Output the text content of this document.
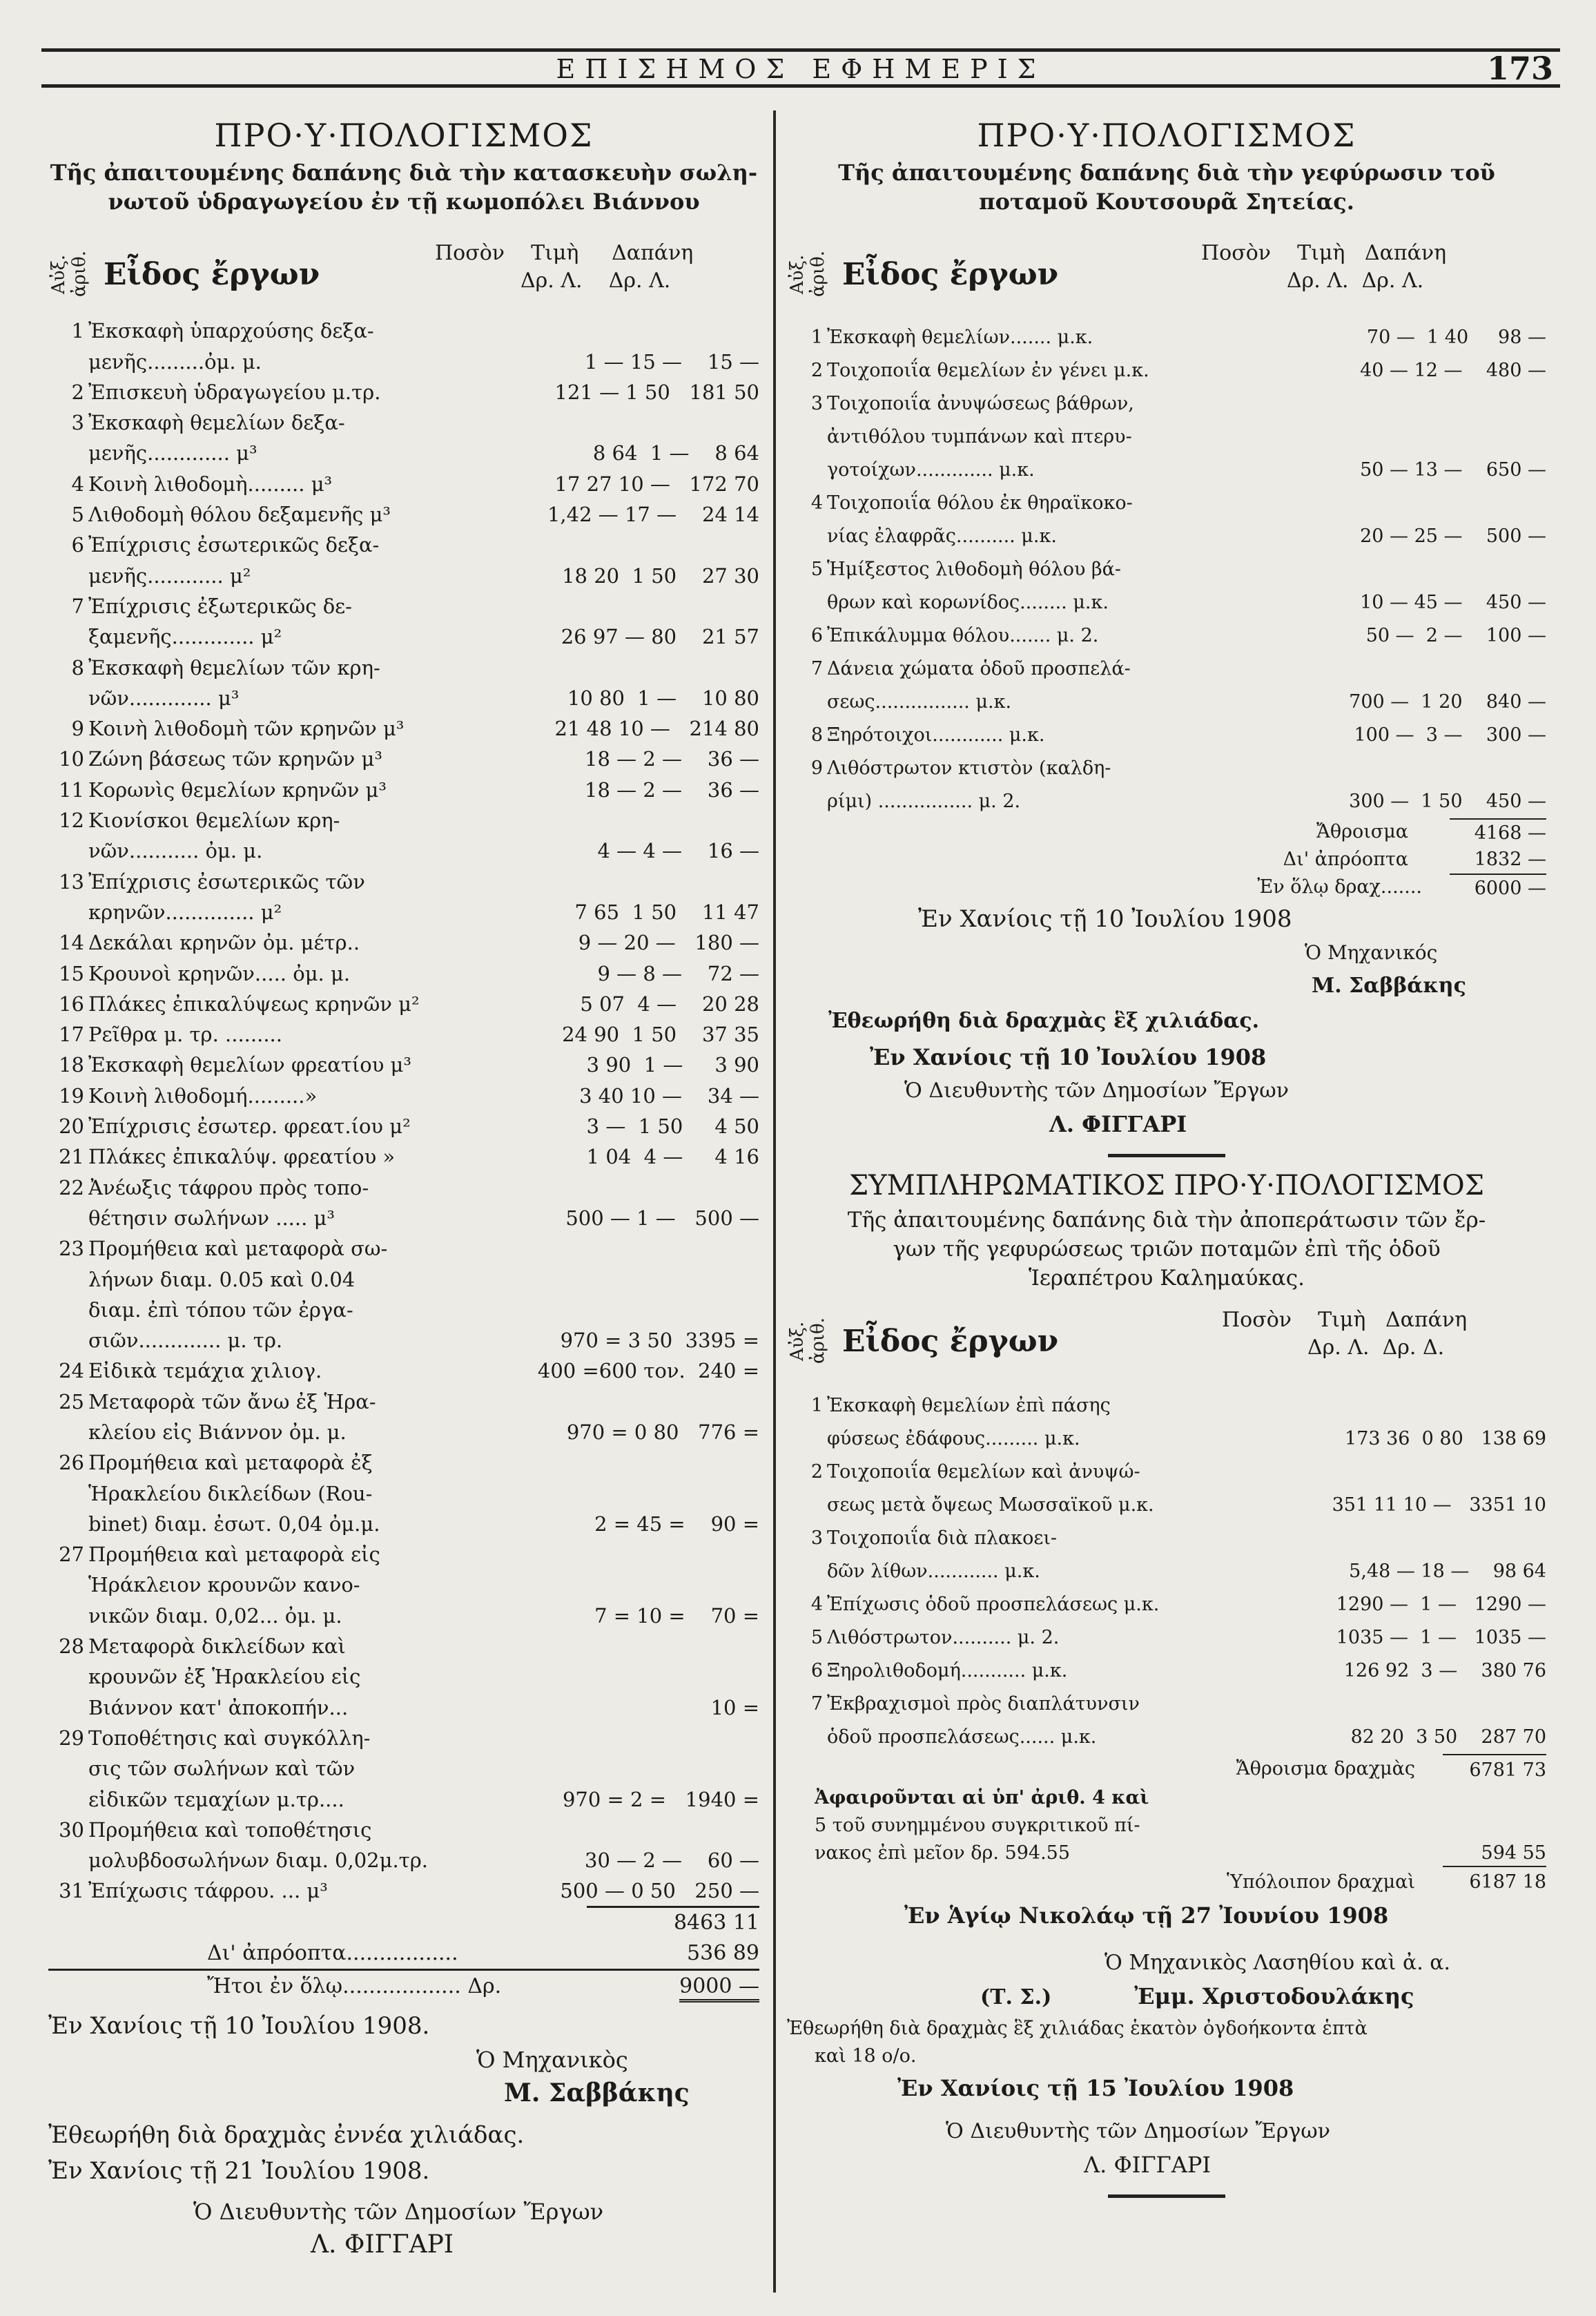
ΕΠΙΣΗΜΟΣ ΕΦΗΜΕΡΙΣ	173
ΠΡΟ·Υ·ΠΟΛΟΓΙΣΜΟΣ
Τῆς ἀπαιτουμένης δαπάνης διὰ τὴν κατασκευὴν σωλη-
νωτοῦ ὑδραγωγείου ἐν τῇ κωμοπόλει Βιάννου
Αὐξ. ἀριθ. Εἶδος ἔργων
Ποσὸν    Τιμὴ     Δαπάνη
Δρ. Λ.    Δρ. Λ.
1 Ἐκσκαφὴ ὑπαρχούσης δεξα-
μενῆς.........ὀμ. μ.	1 — 15 —    15 —
2 Ἐπισκευὴ ὑδραγωγείου μ.τρ.	121 — 1 50   181 50
3 Ἐκσκαφὴ θεμελίων δεξα-
μενῆς............. μ³	8 64  1 —    8 64
4 Κοινὴ λιθοδομὴ......... μ³	17 27 10 —   172 70
5 Λιθοδομὴ θόλου δεξαμενῆς μ³	1,42 — 17 —    24 14
6 Ἐπίχρισις ἐσωτερικῶς δεξα-
μενῆς............ μ²	18 20  1 50    27 30
7 Ἐπίχρισις ἐξωτερικῶς δε-
ξαμενῆς............. μ²	26 97 — 80    21 57
8 Ἐκσκαφὴ θεμελίων τῶν κρη-
νῶν............. μ³	10 80  1 —    10 80
9 Κοινὴ λιθοδομὴ τῶν κρηνῶν μ³	21 48 10 —   214 80
10 Ζώνη βάσεως τῶν κρηνῶν μ³	18 — 2 —    36 —
11 Κορωνὶς θεμελίων κρηνῶν μ³	18 — 2 —    36 —
12 Κιονίσκοι θεμελίων κρη-
νῶν........... ὀμ. μ.	4 — 4 —    16 —
13 Ἐπίχρισις ἐσωτερικῶς τῶν
κρηνῶν.............. μ²	7 65  1 50    11 47
14 Δεκάλαι κρηνῶν ὀμ. μέτρ..	9 — 20 —   180 —
15 Κρουνοὶ κρηνῶν..... ὀμ. μ.	9 — 8 —    72 —
16 Πλάκες ἐπικαλύψεως κρηνῶν μ²	5 07  4 —    20 28
17 Ρεῖθρα μ. τρ. .........	24 90  1 50    37 35
18 Ἐκσκαφὴ θεμελίων φρεατίου μ³	3 90  1 —     3 90
19 Κοινὴ λιθοδομή.........»	3 40 10 —    34 —
20 Ἐπίχρισις ἐσωτερ. φρεατ.ίου μ²	3 —  1 50     4 50
21 Πλάκες ἐπικαλύψ. φρεατίου »	1 04  4 —     4 16
22 Ἀνέωξις τάφρου πρὸς τοπο-
θέτησιν σωλήνων ..... μ³	500 — 1 —   500 —
23 Προμήθεια καὶ μεταφορὰ σω-
λήνων διαμ. 0.05 καὶ 0.04
διαμ. ἐπὶ τόπου τῶν ἐργα-
σιῶν............. μ. τρ.	970 = 3 50  3395 =
24 Εἰδικὰ τεμάχια χιλιογ.	400 =600 τον.  240 =
25 Μεταφορὰ τῶν ἄνω ἐξ Ἡρα-
κλείου εἰς Βιάννον ὀμ. μ.	970 = 0 80   776 =
26 Προμήθεια καὶ μεταφορὰ ἐξ
Ἡρακλείου δικλείδων (Rou-
binet) διαμ. ἐσωτ. 0,04 ὀμ.μ.	2 = 45 =    90 =
27 Προμήθεια καὶ μεταφορὰ εἰς
Ἡράκλειον κρουνῶν κανο-
νικῶν διαμ. 0,02... ὀμ. μ.	7 = 10 =    70 =
28 Μεταφορὰ δικλείδων καὶ
κρουνῶν ἐξ Ἡρακλείου εἰς
Βιάννον κατ' ἀποκοπήν...	10 =
29 Τοποθέτησις καὶ συγκόλλη-
σις τῶν σωλήνων καὶ τῶν
εἰδικῶν τεμαχίων μ.τρ....	970 = 2 =   1940 =
30 Προμήθεια καὶ τοποθέτησις
μολυβδοσωλήνων διαμ. 0,02μ.τρ.	30 — 2 —    60 —
31 Ἐπίχωσις τάφρου. ... μ³	500 — 0 50   250 —
8463 11
Δι' ἀπρόοπτα.................	536 89
Ἤτοι ἐν ὅλῳ.................. Δρ.	9000 —
Ἐν Χανίοις τῇ 10 Ἰουλίου 1908.
Ὁ Μηχανικὸς
Μ. Σαββάκης
Ἐθεωρήθη διὰ δραχμὰς ἐννέα χιλιάδας.
Ἐν Χανίοις τῇ 21 Ἰουλίου 1908.
Ὁ Διευθυντὴς τῶν Δημοσίων Ἔργων
Λ. ΦΙΓΓΑΡΙ
ΠΡΟ·Υ·ΠΟΛΟΓΙΣΜΟΣ
Τῆς ἀπαιτουμένης δαπάνης διὰ τὴν γεφύρωσιν τοῦ
ποταμοῦ Κουτσουρᾶ Σητείας.
Αὐξ. ἀριθ. Εἶδος ἔργων
Ποσὸν    Τιμὴ   Δαπάνη
Δρ. Λ.  Δρ. Λ.
1 Ἐκσκαφὴ θεμελίων....... μ.κ.	70 —  1 40     98 —
2 Τοιχοποιΐα θεμελίων ἐν γένει μ.κ.	40 — 12 —    480 —
3 Τοιχοποιΐα ἀνυψώσεως βάθρων,
ἀντιθόλου τυμπάνων καὶ πτερυ-
γοτοίχων............. μ.κ.	50 — 13 —    650 —
4 Τοιχοποιΐα θόλου ἐκ θηραϊκοκο-
νίας ἐλαφρᾶς.......... μ.κ.	20 — 25 —    500 —
5 Ἡμίξεστος λιθοδομὴ θόλου βά-
θρων καὶ κορωνίδος........ μ.κ.	10 — 45 —    450 —
6 Ἐπικάλυμμα θόλου....... μ. 2.	50 —  2 —    100 —
7 Δάνεια χώματα ὁδοῦ προσπελά-
σεως................ μ.κ.	700 —  1 20    840 —
8 Ξηρότοιχοι............ μ.κ.	100 —  3 —    300 —
9 Λιθόστρωτον κτιστὸν (καλδη-
ρίμι) ................ μ. 2.	300 —  1 50    450 —
Ἄθροισμα	4168 —
Δι' ἀπρόοπτα	1832 —
Ἐν ὅλῳ δραχ.......	6000 —
Ἐν Χανίοις τῇ 10 Ἰουλίου 1908
Ὁ Μηχανικός
Μ. Σαββάκης
Ἐθεωρήθη διὰ δραχμὰς ἓξ χιλιάδας.
Ἐν Χανίοις τῇ 10 Ἰουλίου 1908
Ὁ Διευθυντὴς τῶν Δημοσίων Ἔργων
Λ. ΦΙΓΓΑΡΙ
ΣΥΜΠΛΗΡΩΜΑΤΙΚΟΣ ΠΡΟ·Υ·ΠΟΛΟΓΙΣΜΟΣ
Τῆς ἀπαιτουμένης δαπάνης διὰ τὴν ἀποπεράτωσιν τῶν ἔρ-
γων τῆς γεφυρώσεως τριῶν ποταμῶν ἐπὶ τῆς ὁδοῦ
Ἱεραπέτρου Καλημαύκας.
Αὐξ. ἀριθ. Εἶδος ἔργων
Ποσὸν    Τιμὴ   Δαπάνη
Δρ. Λ.  Δρ. Δ.
1 Ἐκσκαφὴ θεμελίων ἐπὶ πάσης
φύσεως ἐδάφους......... μ.κ.	173 36  0 80   138 69
2 Τοιχοποιΐα θεμελίων καὶ ἀνυψώ-
σεως μετὰ ὄψεως Μωσσαϊκοῦ μ.κ.	351 11 10 —   3351 10
3 Τοιχοποιΐα διὰ πλακοει-
δῶν λίθων............ μ.κ.	5,48 — 18 —    98 64
4 Ἐπίχωσις ὁδοῦ προσπελάσεως μ.κ.	1290 —  1 —   1290 —
5 Λιθόστρωτον.......... μ. 2.	1035 —  1 —   1035 —
6 Ξηρολιθοδομή........... μ.κ.	126 92  3 —    380 76
7 Ἐκβραχισμοὶ πρὸς διαπλάτυνσιν
ὁδοῦ προσπελάσεως...... μ.κ.	82 20  3 50    287 70
Ἄθροισμα δραχμὰς	6781 73
Ἀφαιροῦνται αἱ ὑπ' ἀριθ. 4 καὶ
5 τοῦ συνημμένου συγκριτικοῦ πί-
νακος ἐπὶ μεῖον δρ. 594.55	594 55
Ὑπόλοιπον δραχμαὶ	6187 18
Ἐν Ἁγίῳ Νικολάῳ τῇ 27 Ἰουνίου 1908
Ὁ Μηχανικὸς Λασηθίου καὶ ἀ. α.
(Τ. Σ.)	Ἐμμ. Χριστοδουλάκης
Ἐθεωρήθη διὰ δραχμὰς ἓξ χιλιάδας ἑκατὸν ὀγδοήκοντα ἑπτὰ
καὶ 18 ο/ο.
Ἐν Χανίοις τῇ 15 Ἰουλίου 1908
Ὁ Διευθυντὴς τῶν Δημοσίων Ἔργων
Λ. ΦΙΓΓΑΡΙ
